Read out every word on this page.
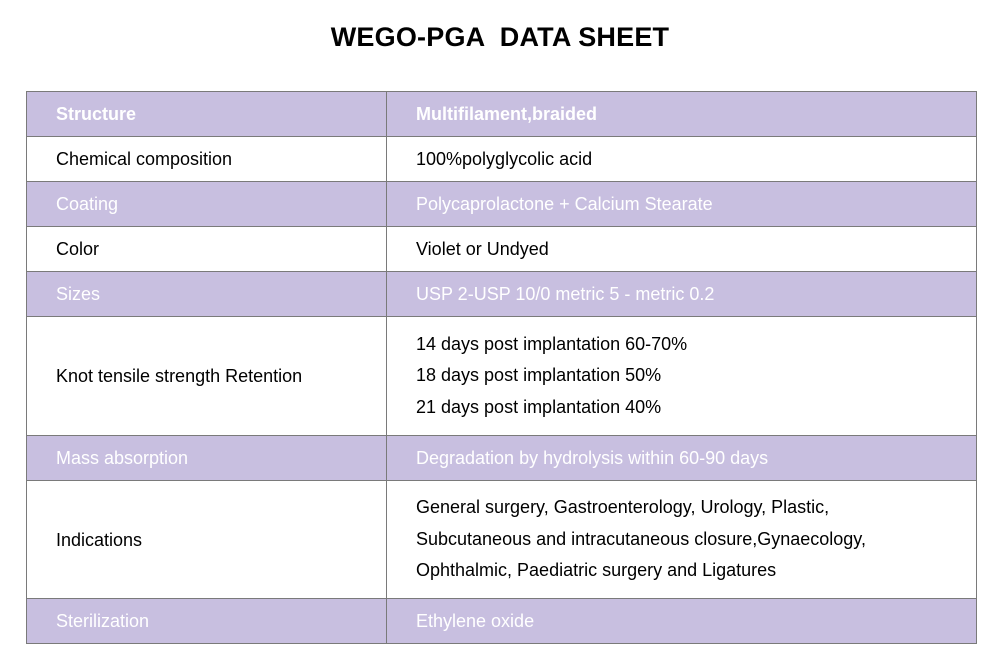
WEGO-PGA  DATA SHEET
Structure	Multifilament,braided
Chemical composition	100%polyglycolic acid
Coating	Polycaprolactone + Calcium Stearate
Color	Violet or Undyed
Sizes	USP 2-USP 10/0 metric 5 - metric 0.2
Knot tensile strength Retention	14 days post implantation 60-70%
18 days post implantation 50%
21 days post implantation 40%

Mass absorption	Degradation by hydrolysis within 60-90 days
Indications	General surgery, Gastroenterology, Urology, Plastic,
Subcutaneous and intracutaneous closure,Gynaecology,
Ophthalmic, Paediatric surgery and Ligatures

Sterilization	Ethylene oxide
